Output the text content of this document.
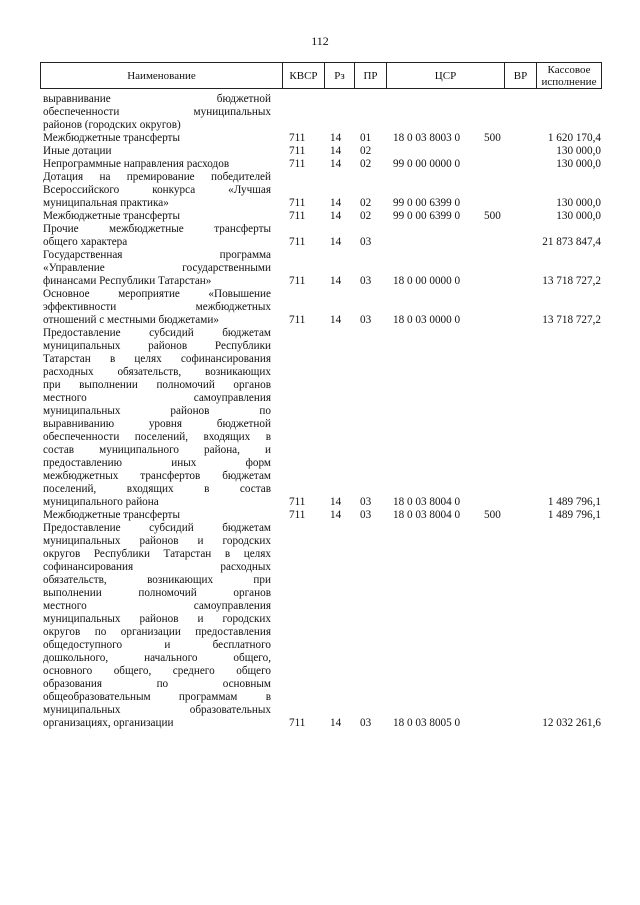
112
Наименование	КВСР	Рз	ПР	ЦСР	ВР	Кассовое
исполнение
выравнивание бюджетной
обеспеченности муниципальных
районов (городских округов)
Межбюджетные трансферты	711 14 01 18 0 03 8003 0 500	1 620 170,4
Иные дотации	711 14 02	130 000,0
Непрограммные направления расходов	711 14 02 99 0 00 0000 0	130 000,0
Дотация на премирование победителей
Всероссийского конкурса «Лучшая
муниципальная практика»	711 14 02 99 0 00 6399 0	130 000,0
Межбюджетные трансферты	711 14 02 99 0 00 6399 0 500	130 000,0
Прочие межбюджетные трансферты
общего характера	711 14 03	21 873 847,4
Государственная программа
«Управление государственными
финансами Республики Татарстан»	711 14 03 18 0 00 0000 0	13 718 727,2
Основное мероприятие «Повышение
эффективности межбюджетных
отношений с местными бюджетами»	711 14 03 18 0 03 0000 0	13 718 727,2
Предоставление субсидий бюджетам
муниципальных районов Республики
Татарстан в целях софинансирования
расходных обязательств, возникающих
при выполнении полномочий органов
местного самоуправления
муниципальных районов по
выравниванию уровня бюджетной
обеспеченности поселений, входящих в
состав муниципального района, и
предоставлению иных форм
межбюджетных трансфертов бюджетам
поселений, входящих в состав
муниципального района	711 14 03 18 0 03 8004 0	1 489 796,1
Межбюджетные трансферты	711 14 03 18 0 03 8004 0 500	1 489 796,1
Предоставление субсидий бюджетам
муниципальных районов и городских
округов Республики Татарстан в целях
софинансирования расходных
обязательств, возникающих при
выполнении полномочий органов
местного самоуправления
муниципальных районов и городских
округов по организации предоставления
общедоступного и бесплатного
дошкольного, начального общего,
основного общего, среднего общего
образования по основным
общеобразовательным программам в
муниципальных образовательных
организациях, организации	711 14 03 18 0 03 8005 0	12 032 261,6
